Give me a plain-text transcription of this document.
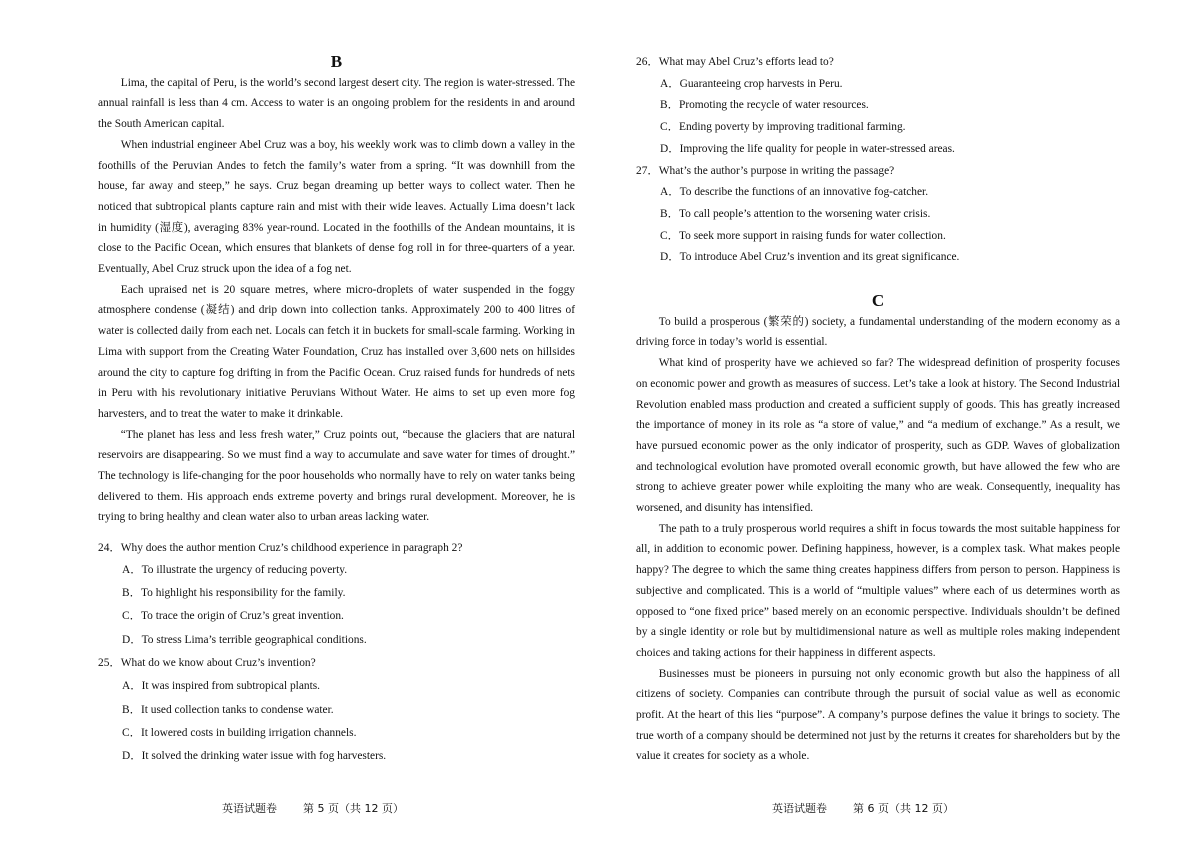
B

Lima, the capital of Peru, is the world’s second largest desert city. The region is water-stressed. The annual rainfall is less than 4 cm. Access to water is an ongoing problem for the residents in and around the South American capital.

When industrial engineer Abel Cruz was a boy, his weekly work was to climb down a valley in the foothills of the Peruvian Andes to fetch the family’s water from a spring. “It was downhill from the house, far away and steep,” he says. Cruz began dreaming up better ways to collect water. Then he noticed that subtropical plants capture rain and mist with their wide leaves. Actually Lima doesn’t lack in humidity (湿度), averaging 83% year-round. Located in the foothills of the Andean mountains, it is close to the Pacific Ocean, which ensures that blankets of dense fog roll in for three-quarters of a year. Eventually, Abel Cruz struck upon the idea of a fog net.

Each upraised net is 20 square metres, where micro-droplets of water suspended in the foggy atmosphere condense (凝结) and drip down into collection tanks. Approximately 200 to 400 litres of water is collected daily from each net. Locals can fetch it in buckets for small-scale farming. Working in Lima with support from the Creating Water Foundation, Cruz has installed over 3,600 nets on hillsides around the city to capture fog drifting in from the Pacific Ocean. Cruz raised funds for hundreds of nets in Peru with his revolutionary initiative Peruvians Without Water. He aims to set up even more fog harvesters, and to treat the water to make it drinkable.

“The planet has less and less fresh water,” Cruz points out, “because the glaciers that are natural reservoirs are disappearing. So we must find a way to accumulate and save water for times of drought.” The technology is life-changing for the poor households who normally have to rely on water tanks being delivered to them. His approach ends extreme poverty and brings rural development. Moreover, he is trying to bring healthy and clean water also to urban areas lacking water.

24．Why does the author mention Cruz’s childhood experience in paragraph 2?

A．To illustrate the urgency of reducing poverty.

B．To highlight his responsibility for the family.

C．To trace the origin of Cruz’s great invention.

D．To stress Lima’s terrible geographical conditions.

25．What do we know about Cruz’s invention?

A．It was inspired from subtropical plants.

B．It used collection tanks to condense water.

C．It lowered costs in building irrigation channels.

D．It solved the drinking water issue with fog harvesters.

英语试题卷 第 5 页（共 12 页）

26．What may Abel Cruz’s efforts lead to?

A．Guaranteeing crop harvests in Peru.

B．Promoting the recycle of water resources.

C．Ending poverty by improving traditional farming.

D．Improving the life quality for people in water-stressed areas.

27．What’s the author’s purpose in writing the passage?

A．To describe the functions of an innovative fog-catcher.

B．To call people’s attention to the worsening water crisis.

C．To seek more support in raising funds for water collection.

D．To introduce Abel Cruz’s invention and its great significance.

C

To build a prosperous (繁荣的) society, a fundamental understanding of the modern economy as a driving force in today’s world is essential.

What kind of prosperity have we achieved so far? The widespread definition of prosperity focuses on economic power and growth as measures of success. Let’s take a look at history. The Second Industrial Revolution enabled mass production and created a sufficient supply of goods. This has greatly increased the importance of money in its role as “a store of value,” and “a medium of exchange.” As a result, we have pursued economic power as the only indicator of prosperity, such as GDP. Waves of globalization and technological evolution have promoted overall economic growth, but have allowed the few who are strong to achieve greater power while exploiting the many who are weak. Consequently, inequality has worsened, and disunity has intensified.

The path to a truly prosperous world requires a shift in focus towards the most suitable happiness for all, in addition to economic power. Defining happiness, however, is a complex task. What makes people happy? The degree to which the same thing creates happiness differs from person to person. Happiness is subjective and complicated. This is a world of “multiple values” where each of us determines worth as opposed to “one fixed price” based merely on an economic perspective. Individuals shouldn’t be defined by a single identity or role but by multidimensional nature as well as multiple roles making independent choices and taking actions for their happiness in different aspects.

Businesses must be pioneers in pursuing not only economic growth but also the happiness of all citizens of society. Companies can contribute through the pursuit of social value as well as economic profit. At the heart of this lies “purpose”. A company’s purpose defines the value it brings to society. The true worth of a company should be determined not just by the returns it creates for shareholders but by the value it creates for society as a whole.

英语试题卷 第 6 页（共 12 页）
